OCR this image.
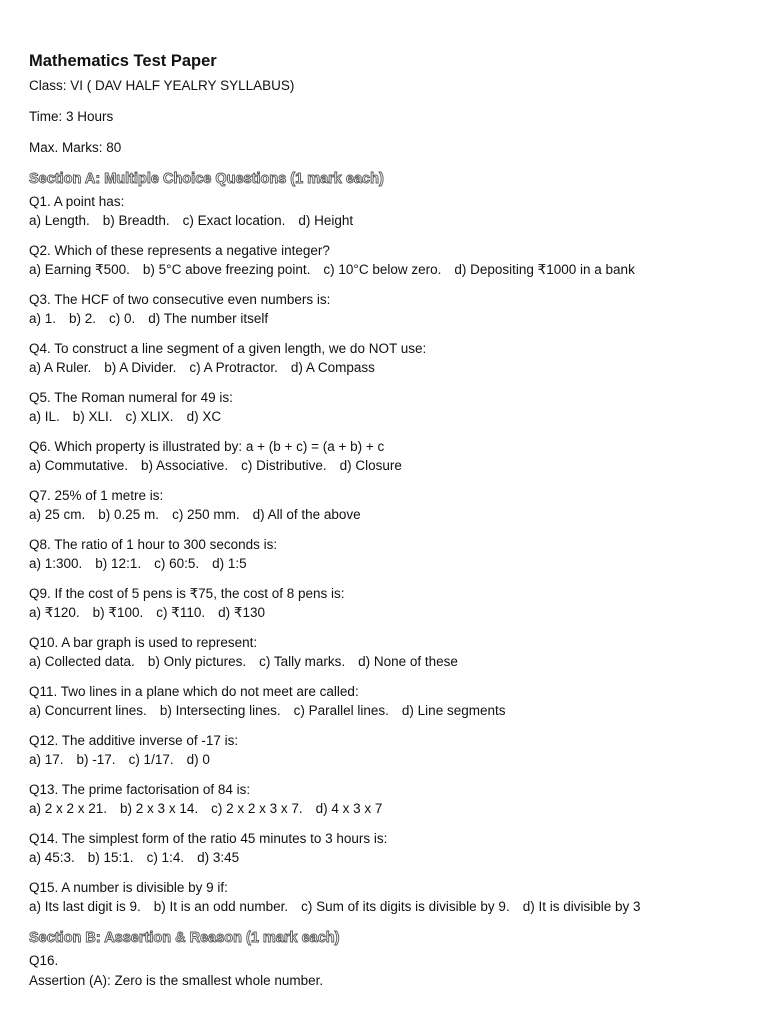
Mathematics Test Paper

Class: VI ( DAV HALF YEALRY SYLLABUS)

Time: 3 Hours

Max. Marks: 80

Section A: Multiple Choice Questions (1 mark each)

Q1. A point has:

a) Length. b) Breadth. c) Exact location. d) Height

Q2. Which of these represents a negative integer?

a) Earning ₹500. b) 5°C above freezing point. c) 10°C below zero. d) Depositing ₹1000 in a bank

Q3. The HCF of two consecutive even numbers is:

a) 1. b) 2. c) 0. d) The number itself

Q4. To construct a line segment of a given length, we do NOT use:

a) A Ruler. b) A Divider. c) A Protractor. d) A Compass

Q5. The Roman numeral for 49 is:

a) IL. b) XLI. c) XLIX. d) XC

Q6. Which property is illustrated by: a + (b + c) = (a + b) + c

a) Commutative. b) Associative. c) Distributive. d) Closure

Q7. 25% of 1 metre is:

a) 25 cm. b) 0.25 m. c) 250 mm. d) All of the above

Q8. The ratio of 1 hour to 300 seconds is:

a) 1:300. b) 12:1. c) 60:5. d) 1:5

Q9. If the cost of 5 pens is ₹75, the cost of 8 pens is:

a) ₹120. b) ₹100. c) ₹110. d) ₹130

Q10. A bar graph is used to represent:

a) Collected data. b) Only pictures. c) Tally marks. d) None of these

Q11. Two lines in a plane which do not meet are called:

a) Concurrent lines. b) Intersecting lines. c) Parallel lines. d) Line segments

Q12. The additive inverse of -17 is:

a) 17. b) -17. c) 1/17. d) 0

Q13. The prime factorisation of 84 is:

a) 2 x 2 x 21. b) 2 x 3 x 14. c) 2 x 2 x 3 x 7. d) 4 x 3 x 7

Q14. The simplest form of the ratio 45 minutes to 3 hours is:

a) 45:3. b) 15:1. c) 1:4. d) 3:45

Q15. A number is divisible by 9 if:

a) Its last digit is 9. b) It is an odd number. c) Sum of its digits is divisible by 9. d) It is divisible by 3

Section B: Assertion & Reason (1 mark each)

Q16.

Assertion (A): Zero is the smallest whole number.
